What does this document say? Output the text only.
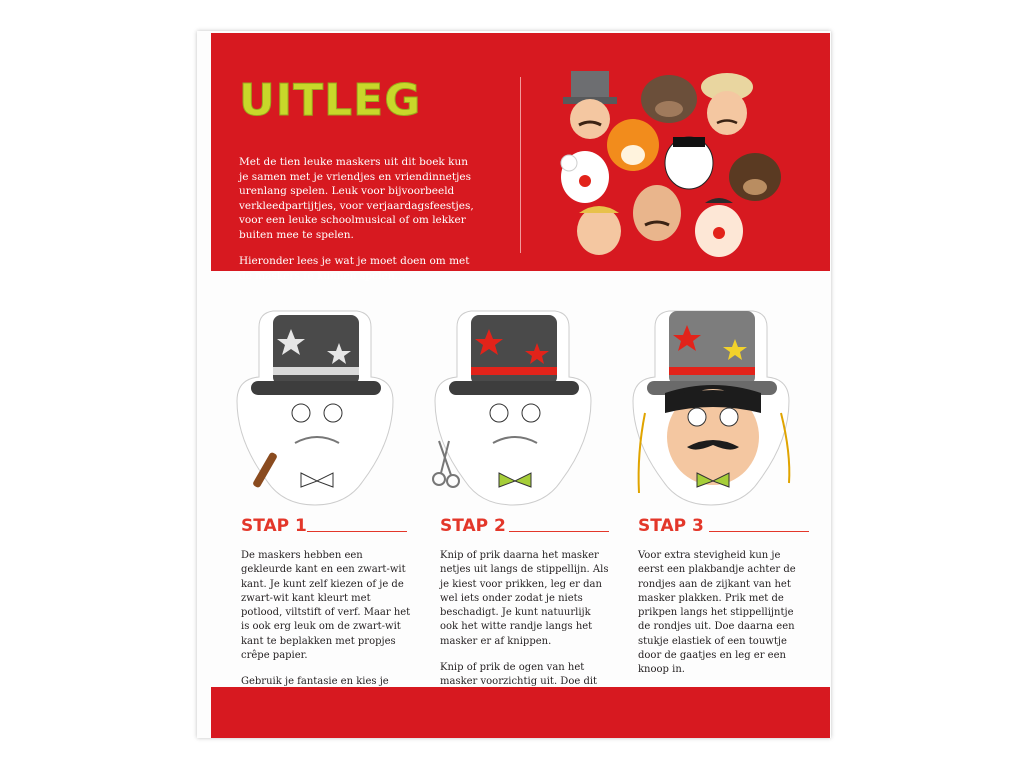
UITLEG

Met de tien leuke maskers uit dit boek kun je samen met je vriendjes en vriendinnetjes urenlang spelen. Leuk voor bijvoorbeeld verkleedpartijtjes, voor verjaardagsfeestjes, voor een leuke schoolmusical of om lekker buiten mee te spelen.

Hieronder lees je wat je moet doen om met de maskers te kunnen spelen…

STAP 1	STAP 2	STAP 3

De maskers hebben een gekleurde kant en een zwart-wit kant. Je kunt zelf kiezen of je de zwart-wit kant kleurt met potlood, viltstift of verf. Maar het is ook erg leuk om de zwart-wit kant te beplakken met propjes crêpe papier.

Gebruik je fantasie en kies je

Knip of prik daarna het masker netjes uit langs de stippellijn. Als je kiest voor prikken, leg er dan wel iets onder zodat je niets beschadigt. Je kunt natuurlijk ook het witte randje langs het masker er af knippen.

Knip of prik de ogen van het masker voorzichtig uit. Doe dit

Voor extra stevigheid kun je eerst een plakbandje achter de rondjes aan de zijkant van het masker plakken. Prik met de prikpen langs het stippellijntje de rondjes uit. Doe daarna een stukje elastiek of een touwtje door de gaatjes en leg er een knoop in.
